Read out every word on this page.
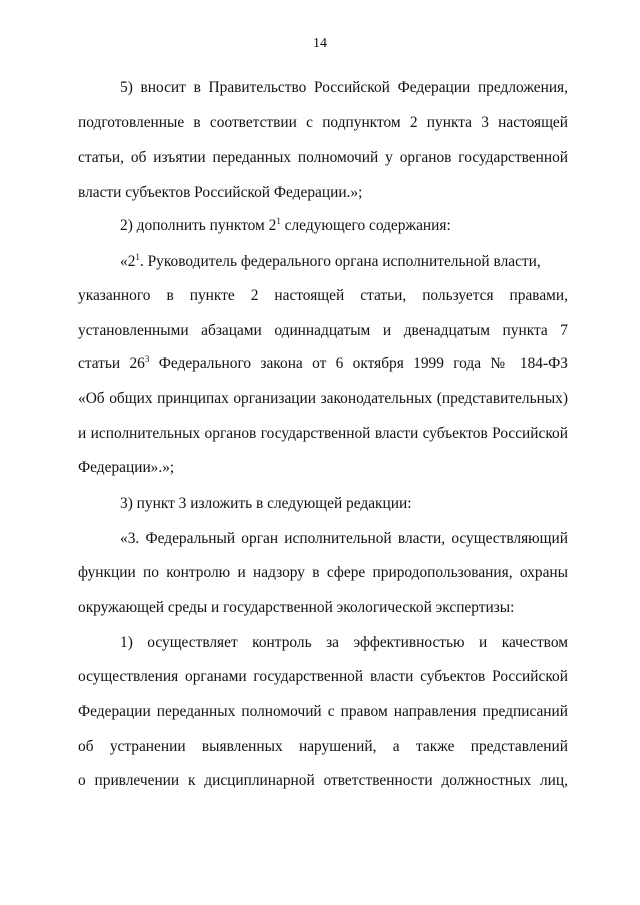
14
5) вносит в Правительство Российской Федерации предложения,
подготовленные в соответствии с подпунктом 2 пункта 3 настоящей
статьи, об изъятии переданных полномочий у органов государственной
власти субъектов Российской Федерации.»;
2) дополнить пунктом $2^1$ следующего содержания:
«$2^1$. Руководитель федерального органа исполнительной власти,
указанного в пункте 2 настоящей статьи, пользуется правами,
установленными абзацами одиннадцатым и двенадцатым пункта 7
статьи $26^3$ Федерального закона от 6 октября 1999 года № 184-ФЗ
«Об общих принципах организации законодательных (представительных)
и исполнительных органов государственной власти субъектов Российской
Федерации».»;
3) пункт 3 изложить в следующей редакции:
«3. Федеральный орган исполнительной власти, осуществляющий
функции по контролю и надзору в сфере природопользования, охраны
окружающей среды и государственной экологической экспертизы:
1) осуществляет контроль за эффективностью и качеством
осуществления органами государственной власти субъектов Российской
Федерации переданных полномочий с правом направления предписаний
об устранении выявленных нарушений, а также представлений
о привлечении к дисциплинарной ответственности должностных лиц,
